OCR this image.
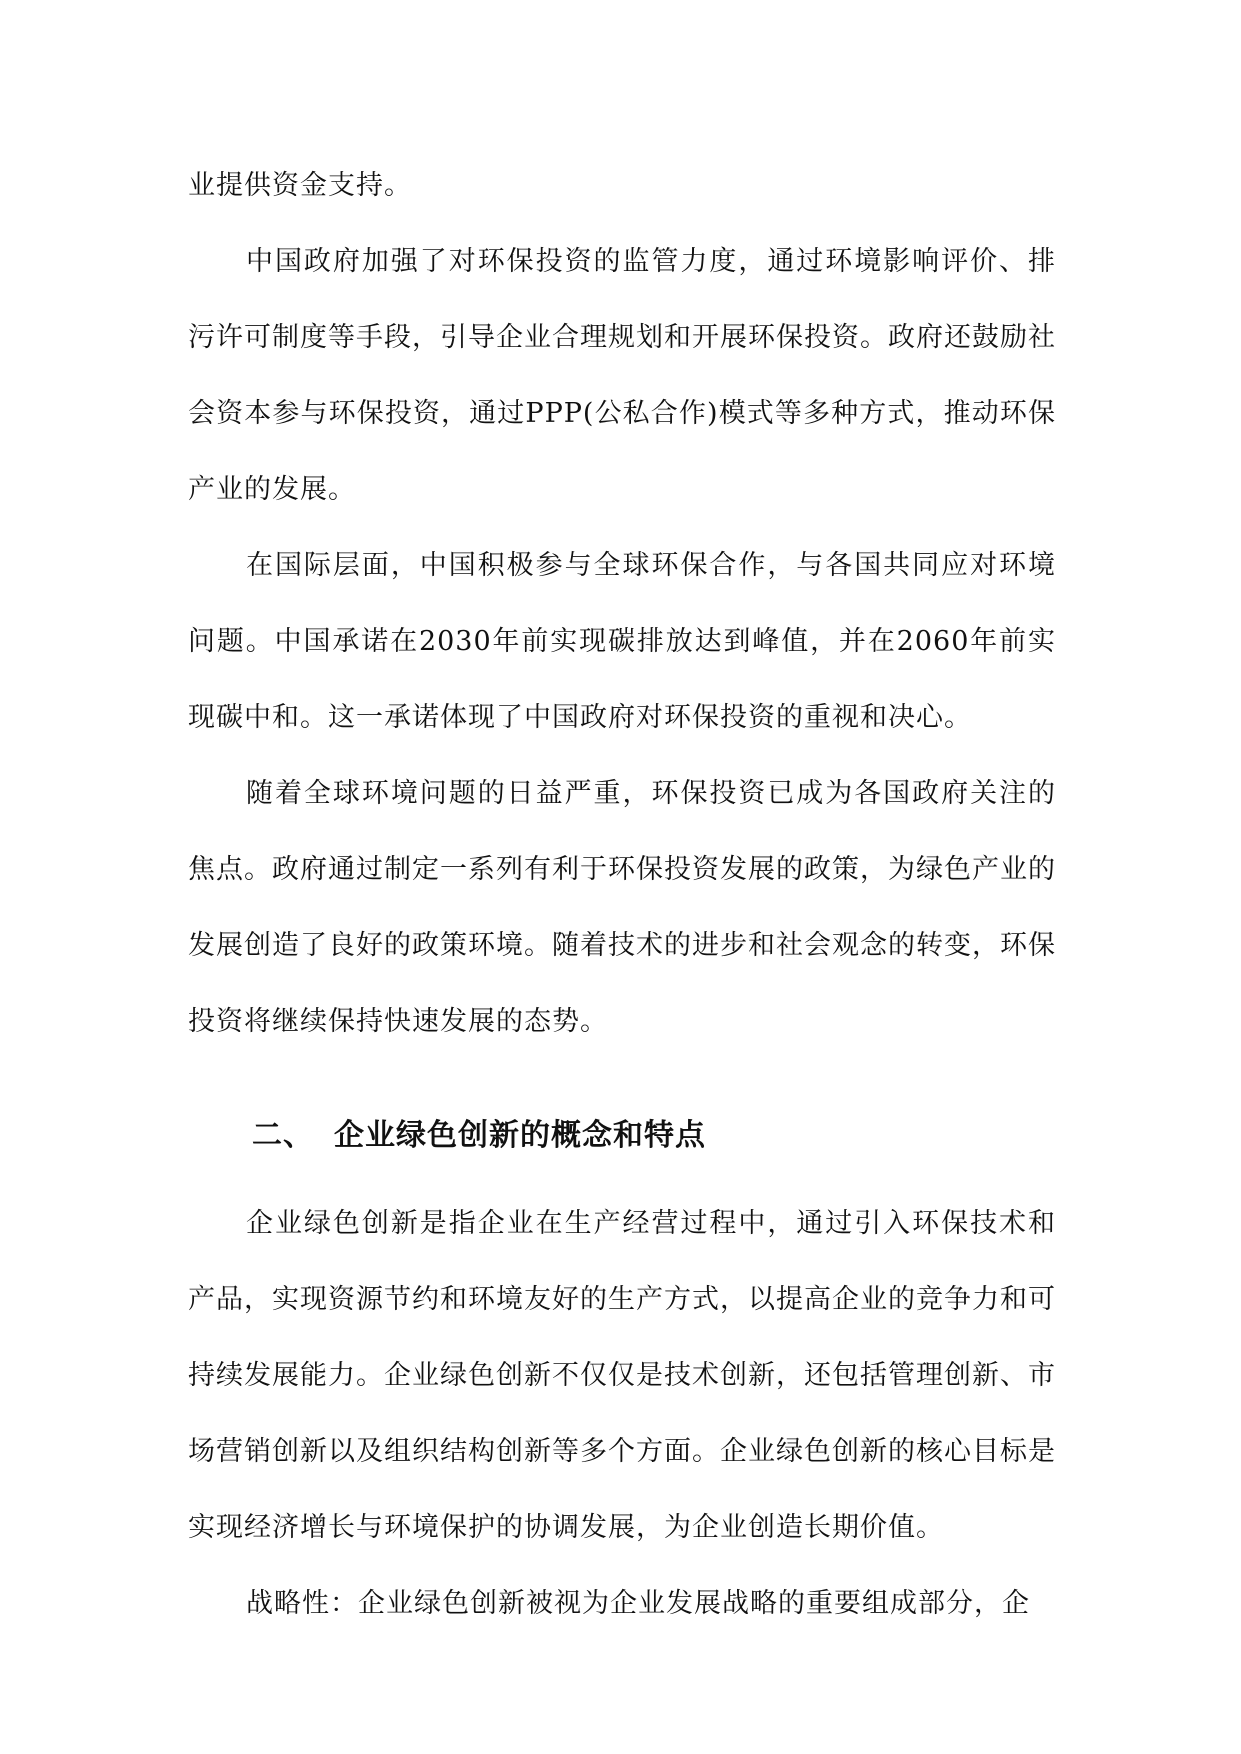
业提供资金支持。

中国政府加强了对环保投资的监管力度，通过环境影响评价、排污许可制度等手段，引导企业合理规划和开展环保投资。政府还鼓励社会资本参与环保投资，通过PPP(公私合作)模式等多种方式，推动环保产业的发展。

在国际层面，中国积极参与全球环保合作，与各国共同应对环境问题。中国承诺在2030年前实现碳排放达到峰值，并在2060年前实现碳中和。这一承诺体现了中国政府对环保投资的重视和决心。

随着全球环境问题的日益严重，环保投资已成为各国政府关注的焦点。政府通过制定一系列有利于环保投资发展的政策，为绿色产业的发展创造了良好的政策环境。随着技术的进步和社会观念的转变，环保投资将继续保持快速发展的态势。

二、 企业绿色创新的概念和特点

企业绿色创新是指企业在生产经营过程中，通过引入环保技术和产品，实现资源节约和环境友好的生产方式，以提高企业的竞争力和可持续发展能力。企业绿色创新不仅仅是技术创新，还包括管理创新、市场营销创新以及组织结构创新等多个方面。企业绿色创新的核心目标是实现经济增长与环境保护的协调发展，为企业创造长期价值。

战略性：企业绿色创新被视为企业发展战略的重要组成部分，企
